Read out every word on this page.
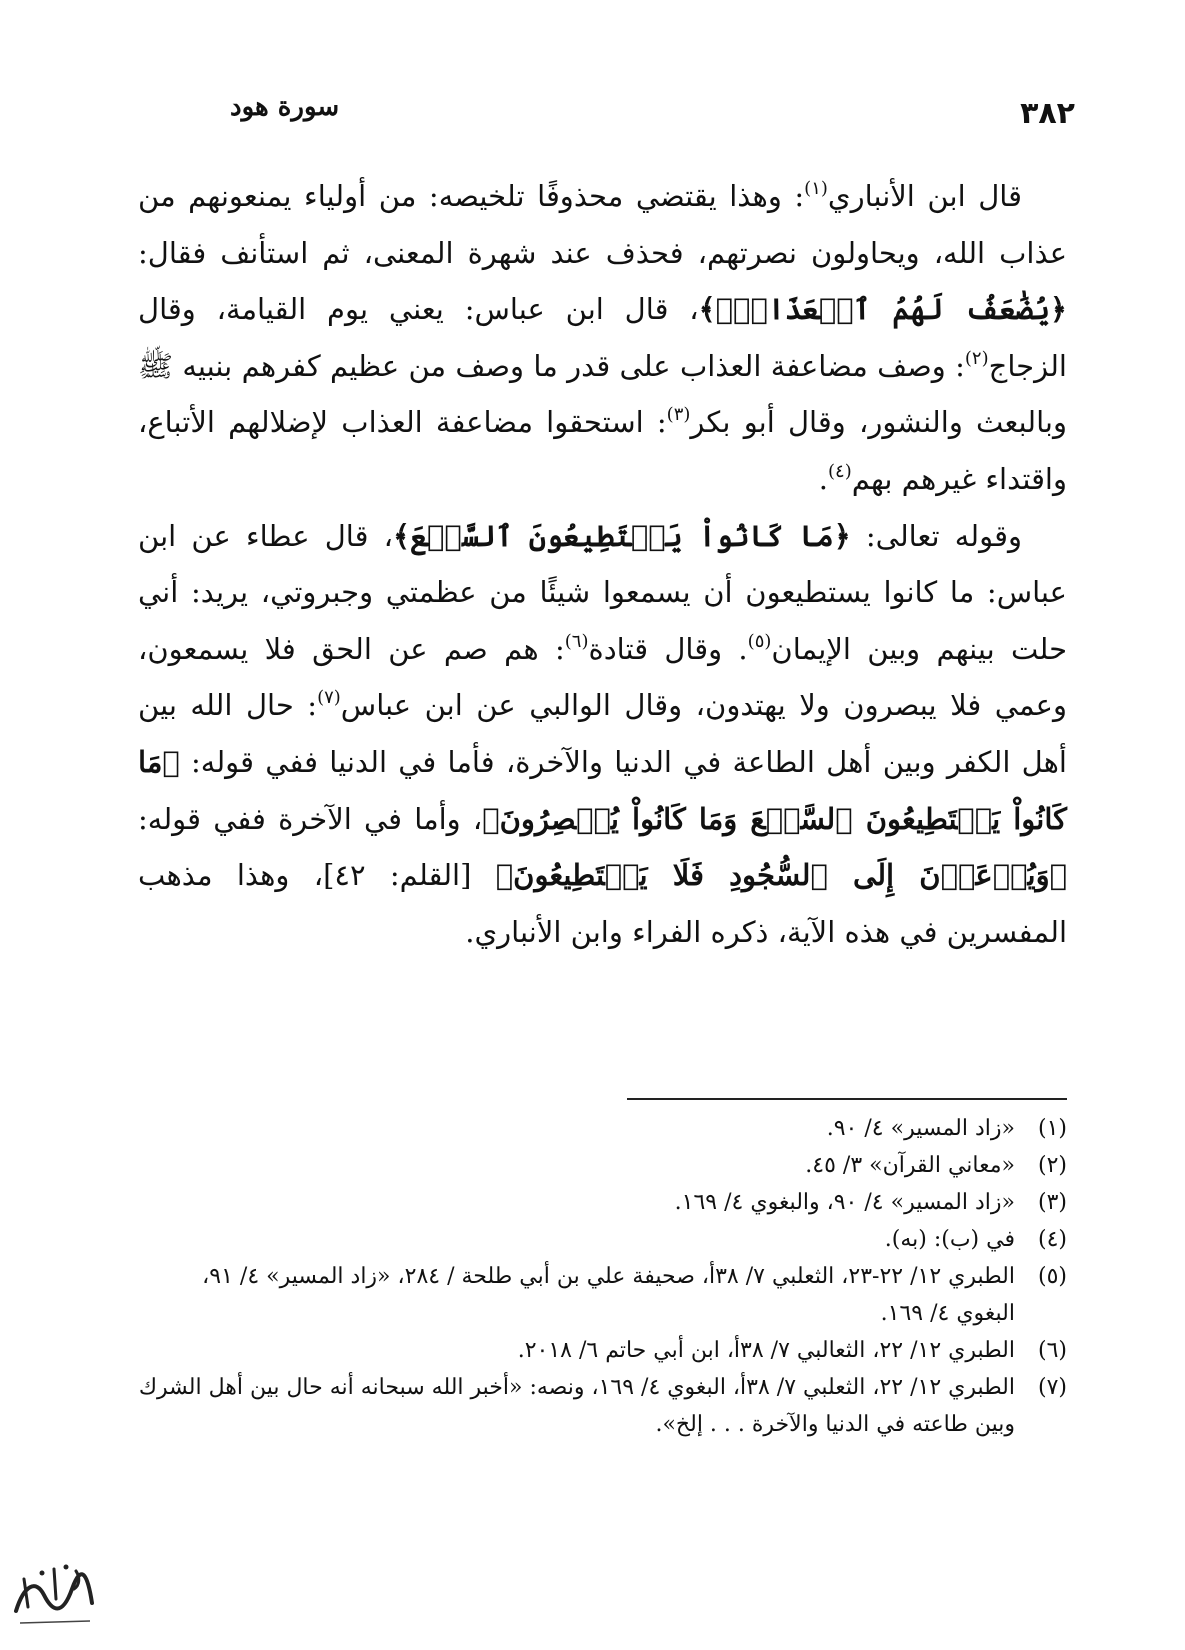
٣٨٢
سورة هود

قال ابن الأنباري$^{(١)}$: وهذا يقتضي محذوفًا تلخيصه: من أولياء يمنعونهم من عذاب الله، ويحاولون نصرتهم، فحذف عند شهرة المعنى، ثم استأنف فقال: ﴿يُضَٰعَفُ لَهُمُ ٱلۡعَذَابُۚ﴾، قال ابن عباس: يعني يوم القيامة، وقال الزجاج$^{(٢)}$: وصف مضاعفة العذاب على قدر ما وصف من عظيم كفرهم بنبيه ﷺ وبالبعث والنشور، وقال أبو بكر$^{(٣)}$: استحقوا مضاعفة العذاب لإضلالهم الأتباع، واقتداء غيرهم بهم$^{(٤)}$.

وقوله تعالى: ﴿مَا كَانُواْ يَسۡتَطِيعُونَ ٱلسَّمۡعَ﴾، قال عطاء عن ابن عباس: ما كانوا يستطيعون أن يسمعوا شيئًا من عظمتي وجبروتي، يريد: أني حلت بينهم وبين الإيمان$^{(٥)}$. وقال قتادة$^{(٦)}$: هم صم عن الحق فلا يسمعون، وعمي فلا يبصرون ولا يهتدون، وقال الوالبي عن ابن عباس$^{(٧)}$: حال الله بين أهل الكفر وبين أهل الطاعة في الدنيا والآخرة، فأما في الدنيا ففي قوله: ﴿مَا كَانُواْ يَسۡتَطِيعُونَ ٱلسَّمۡعَ وَمَا كَانُواْ يُبۡصِرُونَ﴾، وأما في الآخرة ففي قوله: ﴿وَيُدۡعَوۡنَ إِلَى ٱلسُّجُودِ فَلَا يَسۡتَطِيعُونَ﴾ [القلم: ٤٢]، وهذا مذهب المفسرين في هذه الآية، ذكره الفراء وابن الأنباري.

(١)
«زاد المسير» ٤/ ٩٠.
(٢)
«معاني القرآن» ٣/ ٤٥.
(٣)
«زاد المسير» ٤/ ٩٠، والبغوي ٤/ ١٦٩.
(٤)
في (ب): (به).
(٥)
الطبري ١٢/ ٢٢-٢٣، الثعلبي ٧/ ٣٨أ، صحيفة علي بن أبي طلحة / ٢٨٤، «زاد المسير» ٤/ ٩١، البغوي ٤/ ١٦٩.
(٦)
الطبري ١٢/ ٢٢، الثعالبي ٧/ ٣٨أ، ابن أبي حاتم ٦/ ٢٠١٨.
(٧)
الطبري ١٢/ ٢٢، الثعلبي ٧/ ٣٨أ، البغوي ٤/ ١٦٩، ونصه: «أخبر الله سبحانه أنه حال بين أهل الشرك وبين طاعته في الدنيا والآخرة . . . إلخ».
